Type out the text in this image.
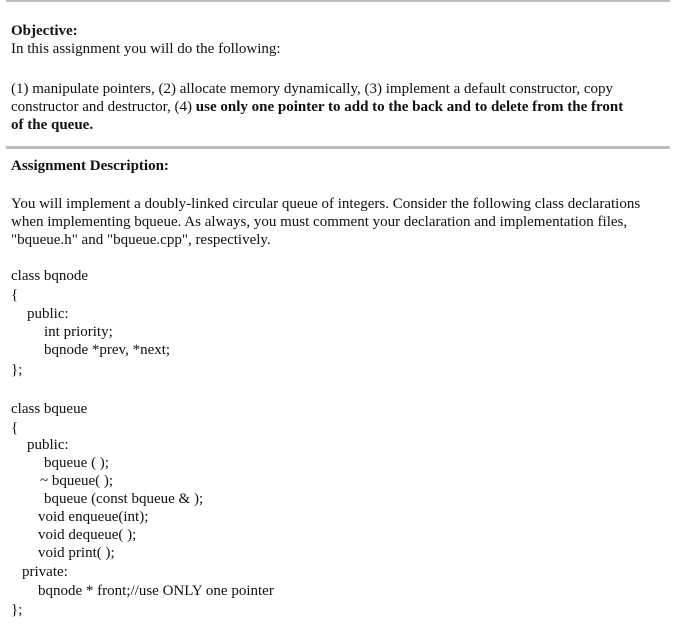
Objective:
In this assignment you will do the following:
(1) manipulate pointers, (2) allocate memory dynamically, (3) implement a default constructor, copy
constructor and destructor, (4) use only one pointer to add to the back and to delete from the front
of the queue.
Assignment Description:
You will implement a doubly-linked circular queue of integers. Consider the following class declarations
when implementing bqueue. As always, you must comment your declaration and implementation files,
"bqueue.h" and "bqueue.cpp", respectively.
class bqnode
{
public:
int priority;
bqnode *prev, *next;
};
class bqueue
{
public:
bqueue ( );
~ bqueue( );
bqueue (const bqueue & );
void enqueue(int);
void dequeue( );
void print( );
private:
bqnode * front;//use ONLY one pointer
};
